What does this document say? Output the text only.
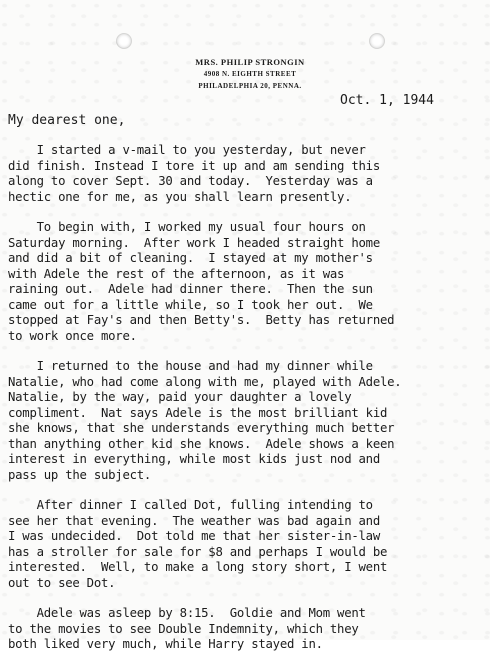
MRS. PHILIP STRONGIN
4908 N. EIGHTH STREET
PHILADELPHIA 20, PENNA.
Oct. 1, 1944
My dearest one,
I started a v-mail to you yesterday, but never
did finish. Instead I tore it up and am sending this
along to cover Sept. 30 and today.  Yesterday was a
hectic one for me, as you shall learn presently.
To begin with, I worked my usual four hours on
Saturday morning.  After work I headed straight home
and did a bit of cleaning.  I stayed at my mother's
with Adele the rest of the afternoon, as it was
raining out.  Adele had dinner there.  Then the sun
came out for a little while, so I took her out.  We
stopped at Fay's and then Betty's.  Betty has returned
to work once more.
I returned to the house and had my dinner while
Natalie, who had come along with me, played with Adele.
Natalie, by the way, paid your daughter a lovely
compliment.  Nat says Adele is the most brilliant kid
she knows, that she understands everything much better
than anything other kid she knows.  Adele shows a keen
interest in everything, while most kids just nod and
pass up the subject.
After dinner I called Dot, fulling intending to
see her that evening.  The weather was bad again and
I was undecided.  Dot told me that her sister-in-law
has a stroller for sale for $8 and perhaps I would be
interested.  Well, to make a long story short, I went
out to see Dot.
Adele was asleep by 8:15.  Goldie and Mom went
to the movies to see Double Indemnity, which they
both liked very much, while Harry stayed in.
